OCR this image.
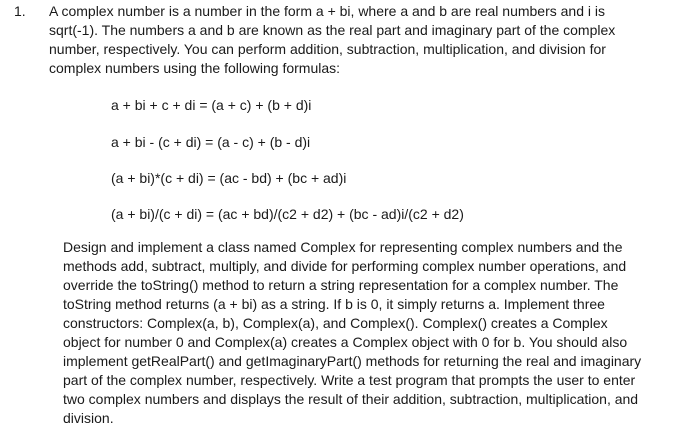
1. A complex number is a number in the form a + bi, where a and b are real numbers and i is sqrt(-1). The numbers a and b are known as the real part and imaginary part of the complex number, respectively. You can perform addition, subtraction, multiplication, and division for complex numbers using the following formulas:

a + bi + c + di = (a + c) + (b + d)i

a + bi - (c + di) = (a - c) + (b - d)i

(a + bi)*(c + di) = (ac - bd) + (bc + ad)i

(a + bi)/(c + di) = (ac + bd)/(c2 + d2) + (bc - ad)i/(c2 + d2)

Design and implement a class named Complex for representing complex numbers and the methods add, subtract, multiply, and divide for performing complex number operations, and override the toString() method to return a string representation for a complex number. The toString method returns (a + bi) as a string. If b is 0, it simply returns a. Implement three constructors: Complex(a, b), Complex(a), and Complex(). Complex() creates a Complex object for number 0 and Complex(a) creates a Complex object with 0 for b. You should also implement getRealPart() and getImaginaryPart() methods for returning the real and imaginary part of the complex number, respectively. Write a test program that prompts the user to enter two complex numbers and displays the result of their addition, subtraction, multiplication, and division.
